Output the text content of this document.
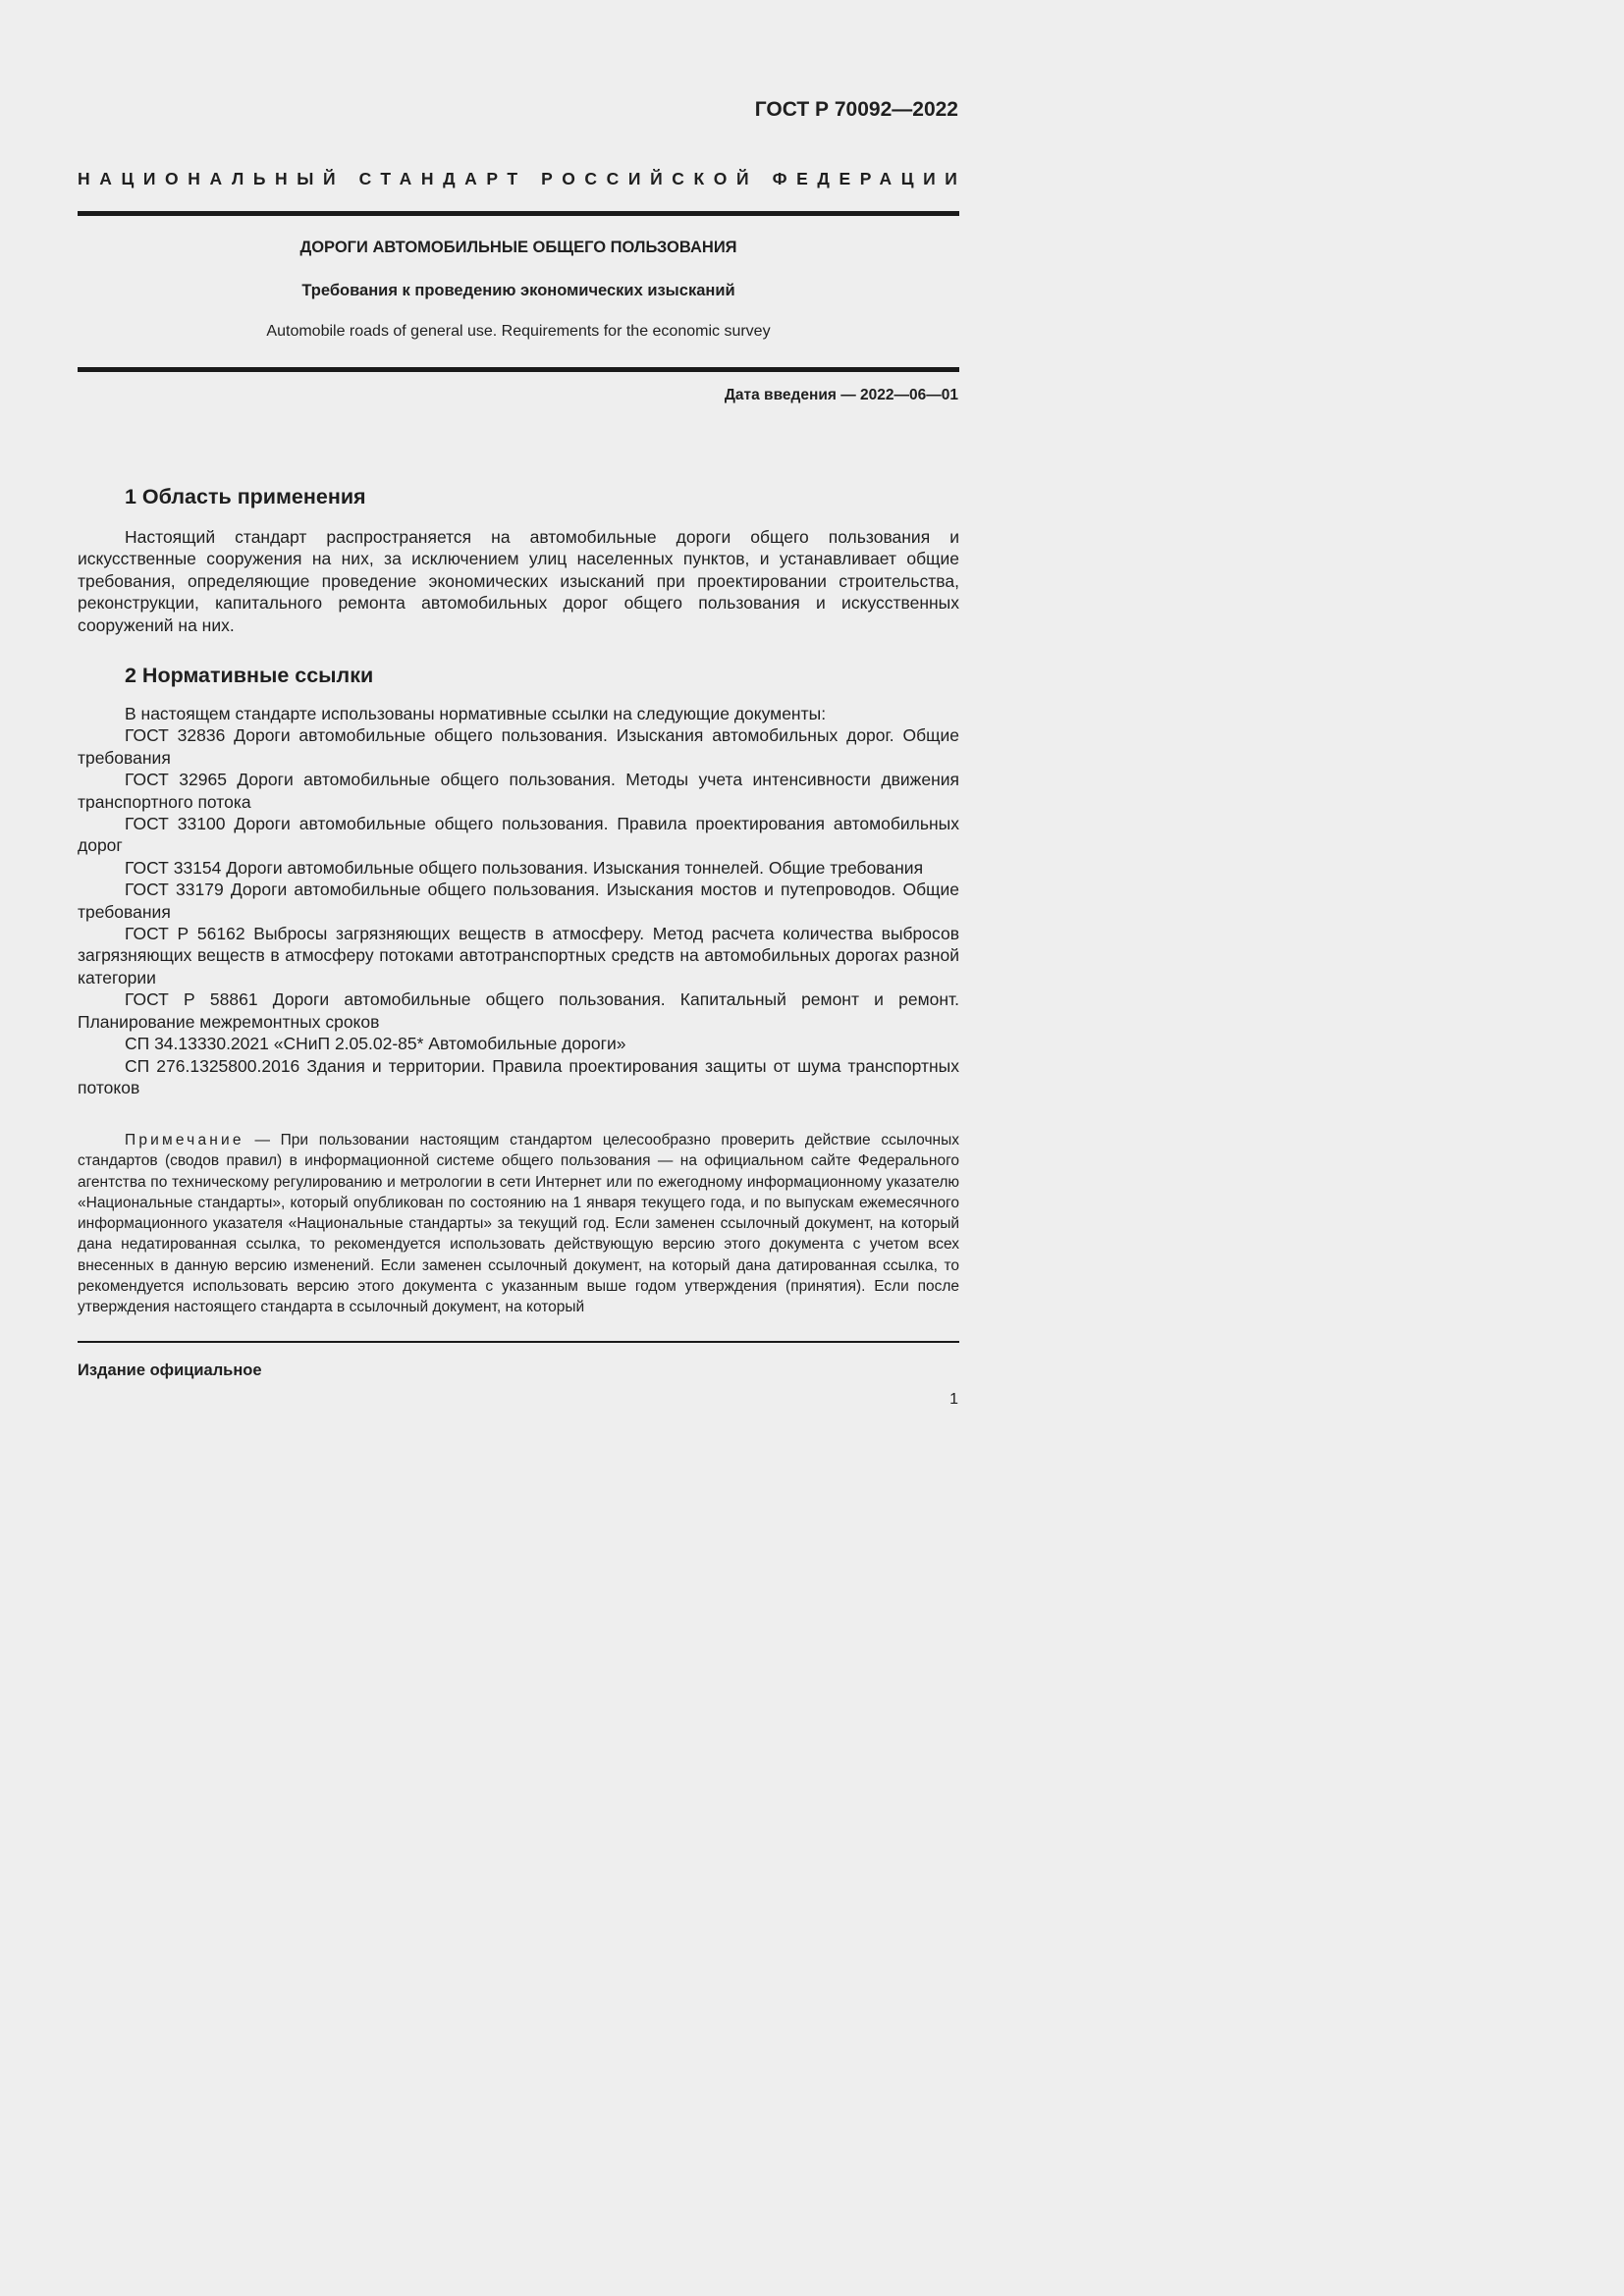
ГОСТ Р 70092—2022
НАЦИОНАЛЬНЫЙ СТАНДАРТ РОССИЙСКОЙ ФЕДЕРАЦИИ
ДОРОГИ АВТОМОБИЛЬНЫЕ ОБЩЕГО ПОЛЬЗОВАНИЯ
Требования к проведению экономических изысканий
Automobile roads of general use. Requirements for the economic survey
Дата введения — 2022—06—01
1 Область применения

Настоящий стандарт распространяется на автомобильные дороги общего пользования и искусственные сооружения на них, за исключением улиц населенных пунктов, и устанавливает общие требования, определяющие проведение экономических изысканий при проектировании строительства, реконструкции, капитального ремонта автомобильных дорог общего пользования и искусственных сооружений на них.

2 Нормативные ссылки

В настоящем стандарте использованы нормативные ссылки на следующие документы:

ГОСТ 32836 Дороги автомобильные общего пользования. Изыскания автомобильных дорог. Общие требования

ГОСТ 32965 Дороги автомобильные общего пользования. Методы учета интенсивности движения транспортного потока

ГОСТ 33100 Дороги автомобильные общего пользования. Правила проектирования автомобильных дорог

ГОСТ 33154 Дороги автомобильные общего пользования. Изыскания тоннелей. Общие требования

ГОСТ 33179 Дороги автомобильные общего пользования. Изыскания мостов и путепроводов. Общие требования

ГОСТ Р 56162 Выбросы загрязняющих веществ в атмосферу. Метод расчета количества выбросов загрязняющих веществ в атмосферу потоками автотранспортных средств на автомобильных дорогах разной категории

ГОСТ Р 58861 Дороги автомобильные общего пользования. Капитальный ремонт и ремонт. Планирование межремонтных сроков

СП 34.13330.2021 «СНиП 2.05.02-85* Автомобильные дороги»

СП 276.1325800.2016 Здания и территории. Правила проектирования защиты от шума транспортных потоков

Примечание — При пользовании настоящим стандартом целесообразно проверить действие ссылочных стандартов (сводов правил) в информационной системе общего пользования — на официальном сайте Федерального агентства по техническому регулированию и метрологии в сети Интернет или по ежегодному информационному указателю «Национальные стандарты», который опубликован по состоянию на 1 января текущего года, и по выпускам ежемесячного информационного указателя «Национальные стандарты» за текущий год. Если заменен ссылочный документ, на который дана недатированная ссылка, то рекомендуется использовать действующую версию этого документа с учетом всех внесенных в данную версию изменений. Если заменен ссылочный документ, на который дана датированная ссылка, то рекомендуется использовать версию этого документа с указанным выше годом утверждения (принятия). Если после утверждения настоящего стандарта в ссылочный документ, на который

Издание официальное
1
